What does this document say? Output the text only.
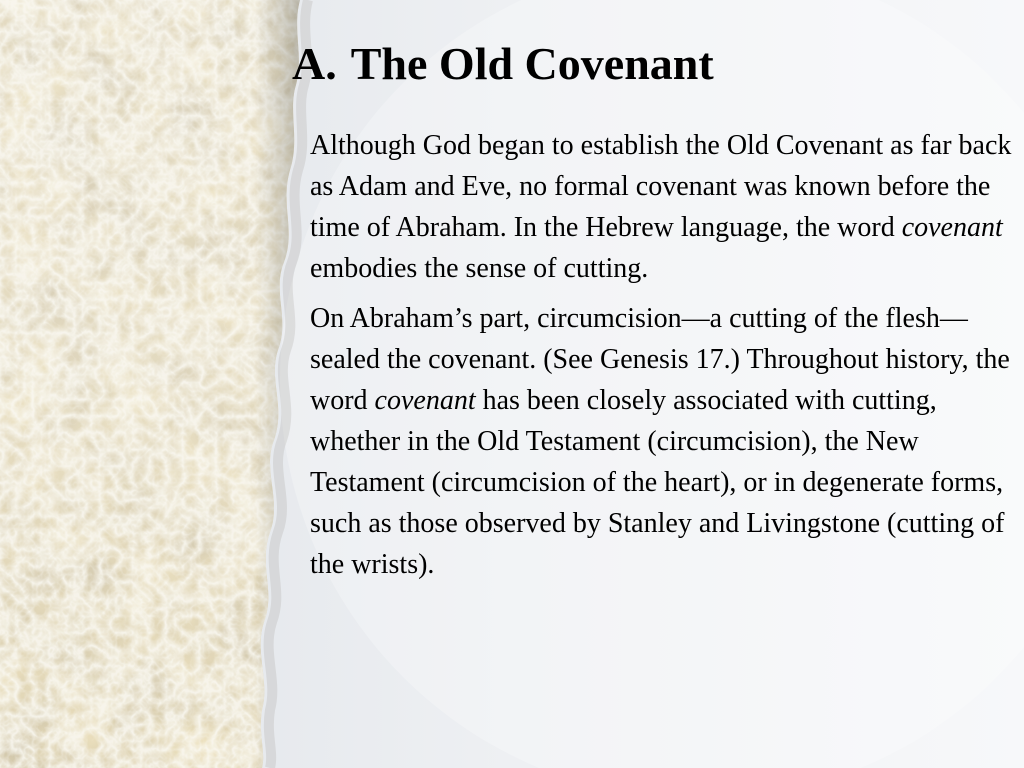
A. The Old Covenant

Although God began to establish the Old Covenant as far back as Adam and Eve, no formal covenant was known before the time of Abraham. In the Hebrew language, the word covenant embodies the sense of cutting.

On Abraham’s part, circumcision—a cutting of the flesh—sealed the covenant. (See Genesis 17.) Throughout history, the word covenant has been closely associated with cutting, whether in the Old Testament (circumcision), the New Testament (circumcision of the heart), or in degenerate forms, such as those observed by Stanley and Livingstone (cutting of the wrists).
